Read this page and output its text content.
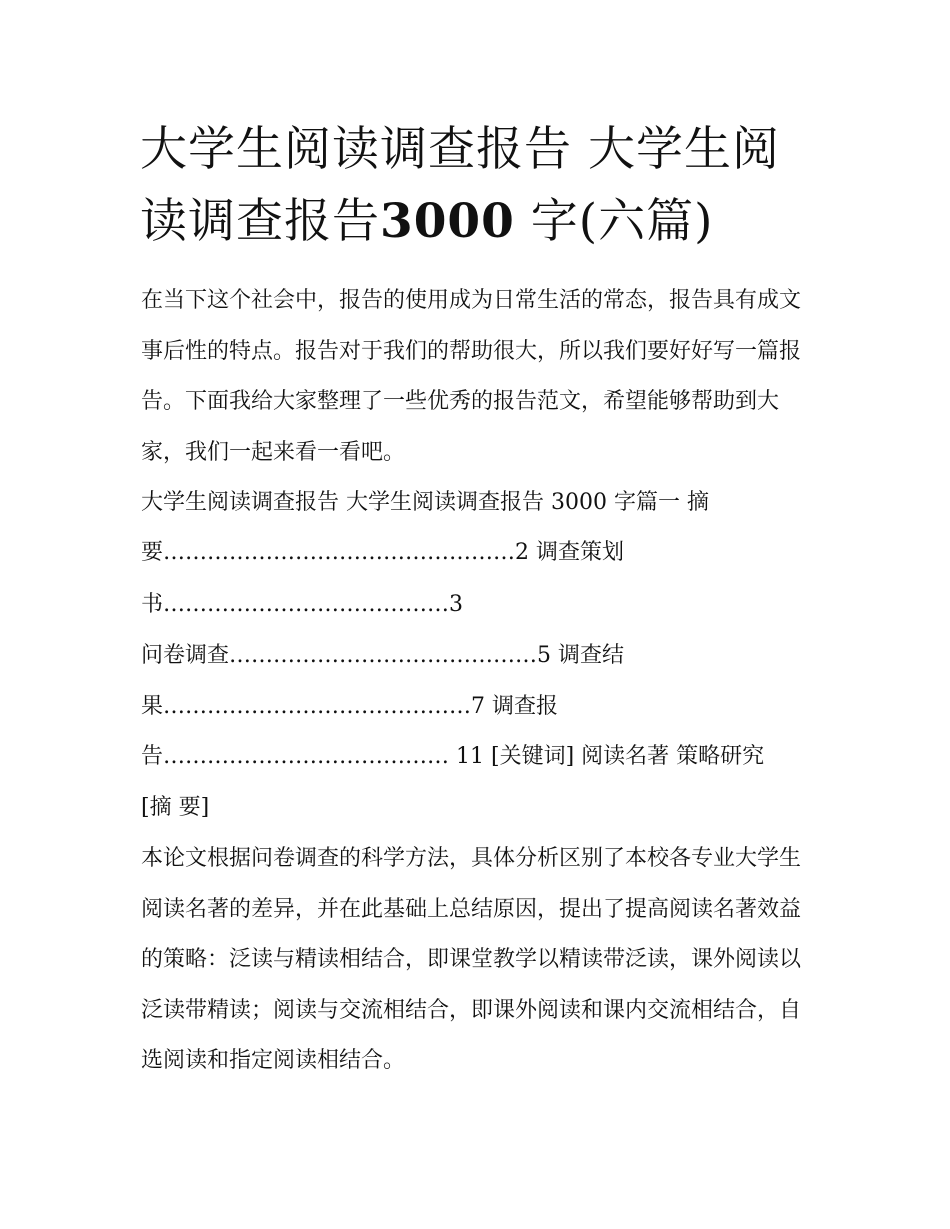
大学生阅读调查报告 大学生阅读调查报告3000 字(六篇)

在当下这个社会中，报告的使用成为日常生活的常态，报告具有成文事后性的特点。报告对于我们的帮助很大，所以我们要好好写一篇报告。下面我给大家整理了一些优秀的报告范文，希望能够帮助到大家，我们一起来看一看吧。

大学生阅读调查报告 大学生阅读调查报告 3000 字篇一 摘

要…………………………………………2 调查策划

书…………………………………3

问卷调查……………………………………5 调查结

果……………………………………7 调查报

告………………………………… 11 [关键词] 阅读名著 策略研究

[摘 要]

本论文根据问卷调查的科学方法，具体分析区别了本校各专业大学生阅读名著的差异，并在此基础上总结原因，提出了提高阅读名著效益的策略：泛读与精读相结合，即课堂教学以精读带泛读，课外阅读以泛读带精读；阅读与交流相结合，即课外阅读和课内交流相结合，自选阅读和指定阅读相结合。
